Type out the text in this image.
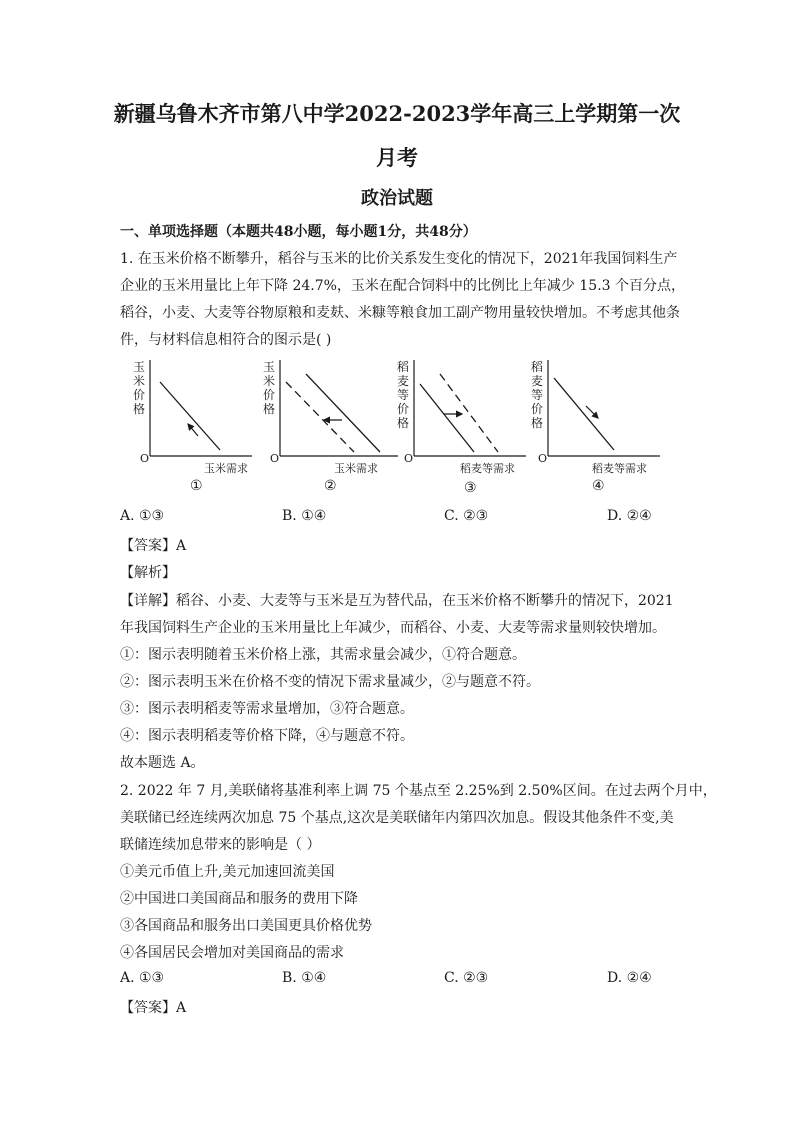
新疆乌鲁木齐市第八中学2022-2023学年高三上学期第一次
月考
政治试题
一、单项选择题（本题共48小题，每小题1分，共48分）
1. 在玉米价格不断攀升，稻谷与玉米的比价关系发生变化的情况下，2021年我国饲料生产
企业的玉米用量比上年下降 24.7%，玉米在配合饲料中的比例比上年减少 15.3 个百分点，
稻谷，小麦、大麦等谷物原粮和麦麸、米糠等粮食加工副产物用量较快增加。不考虑其他条
件，与材料信息相符合的图示是( )
玉
米
价
格
O
玉米需求
①
玉
米
价
格
O
玉米需求
②
稻
麦
等
价
格
O
稻麦等需求
③
稻
麦
等
价
格
O
稻麦等需求
④
A. ①③	B. ①④	C. ②③	D. ②④
【答案】A
【解析】
【详解】稻谷、小麦、大麦等与玉米是互为替代品，在玉米价格不断攀升的情况下，2021
年我国饲料生产企业的玉米用量比上年减少，而稻谷、小麦、大麦等需求量则较快增加。
①：图示表明随着玉米价格上涨，其需求量会减少，①符合题意。
②：图示表明玉米在价格不变的情况下需求量减少，②与题意不符。
③：图示表明稻麦等需求量增加，③符合题意。
④：图示表明稻麦等价格下降，④与题意不符。
故本题选 A。
2. 2022 年 7 月,美联储将基准利率上调 75 个基点至 2.25%到 2.50%区间。在过去两个月中，
美联储已经连续两次加息 75 个基点,这次是美联储年内第四次加息。假设其他条件不变,美
联储连续加息带来的影响是（ ）
①美元币值上升,美元加速回流美国
②中国进口美国商品和服务的费用下降
③各国商品和服务出口美国更具价格优势
④各国居民会增加对美国商品的需求
A. ①③	B. ①④	C. ②③	D. ②④
【答案】A
